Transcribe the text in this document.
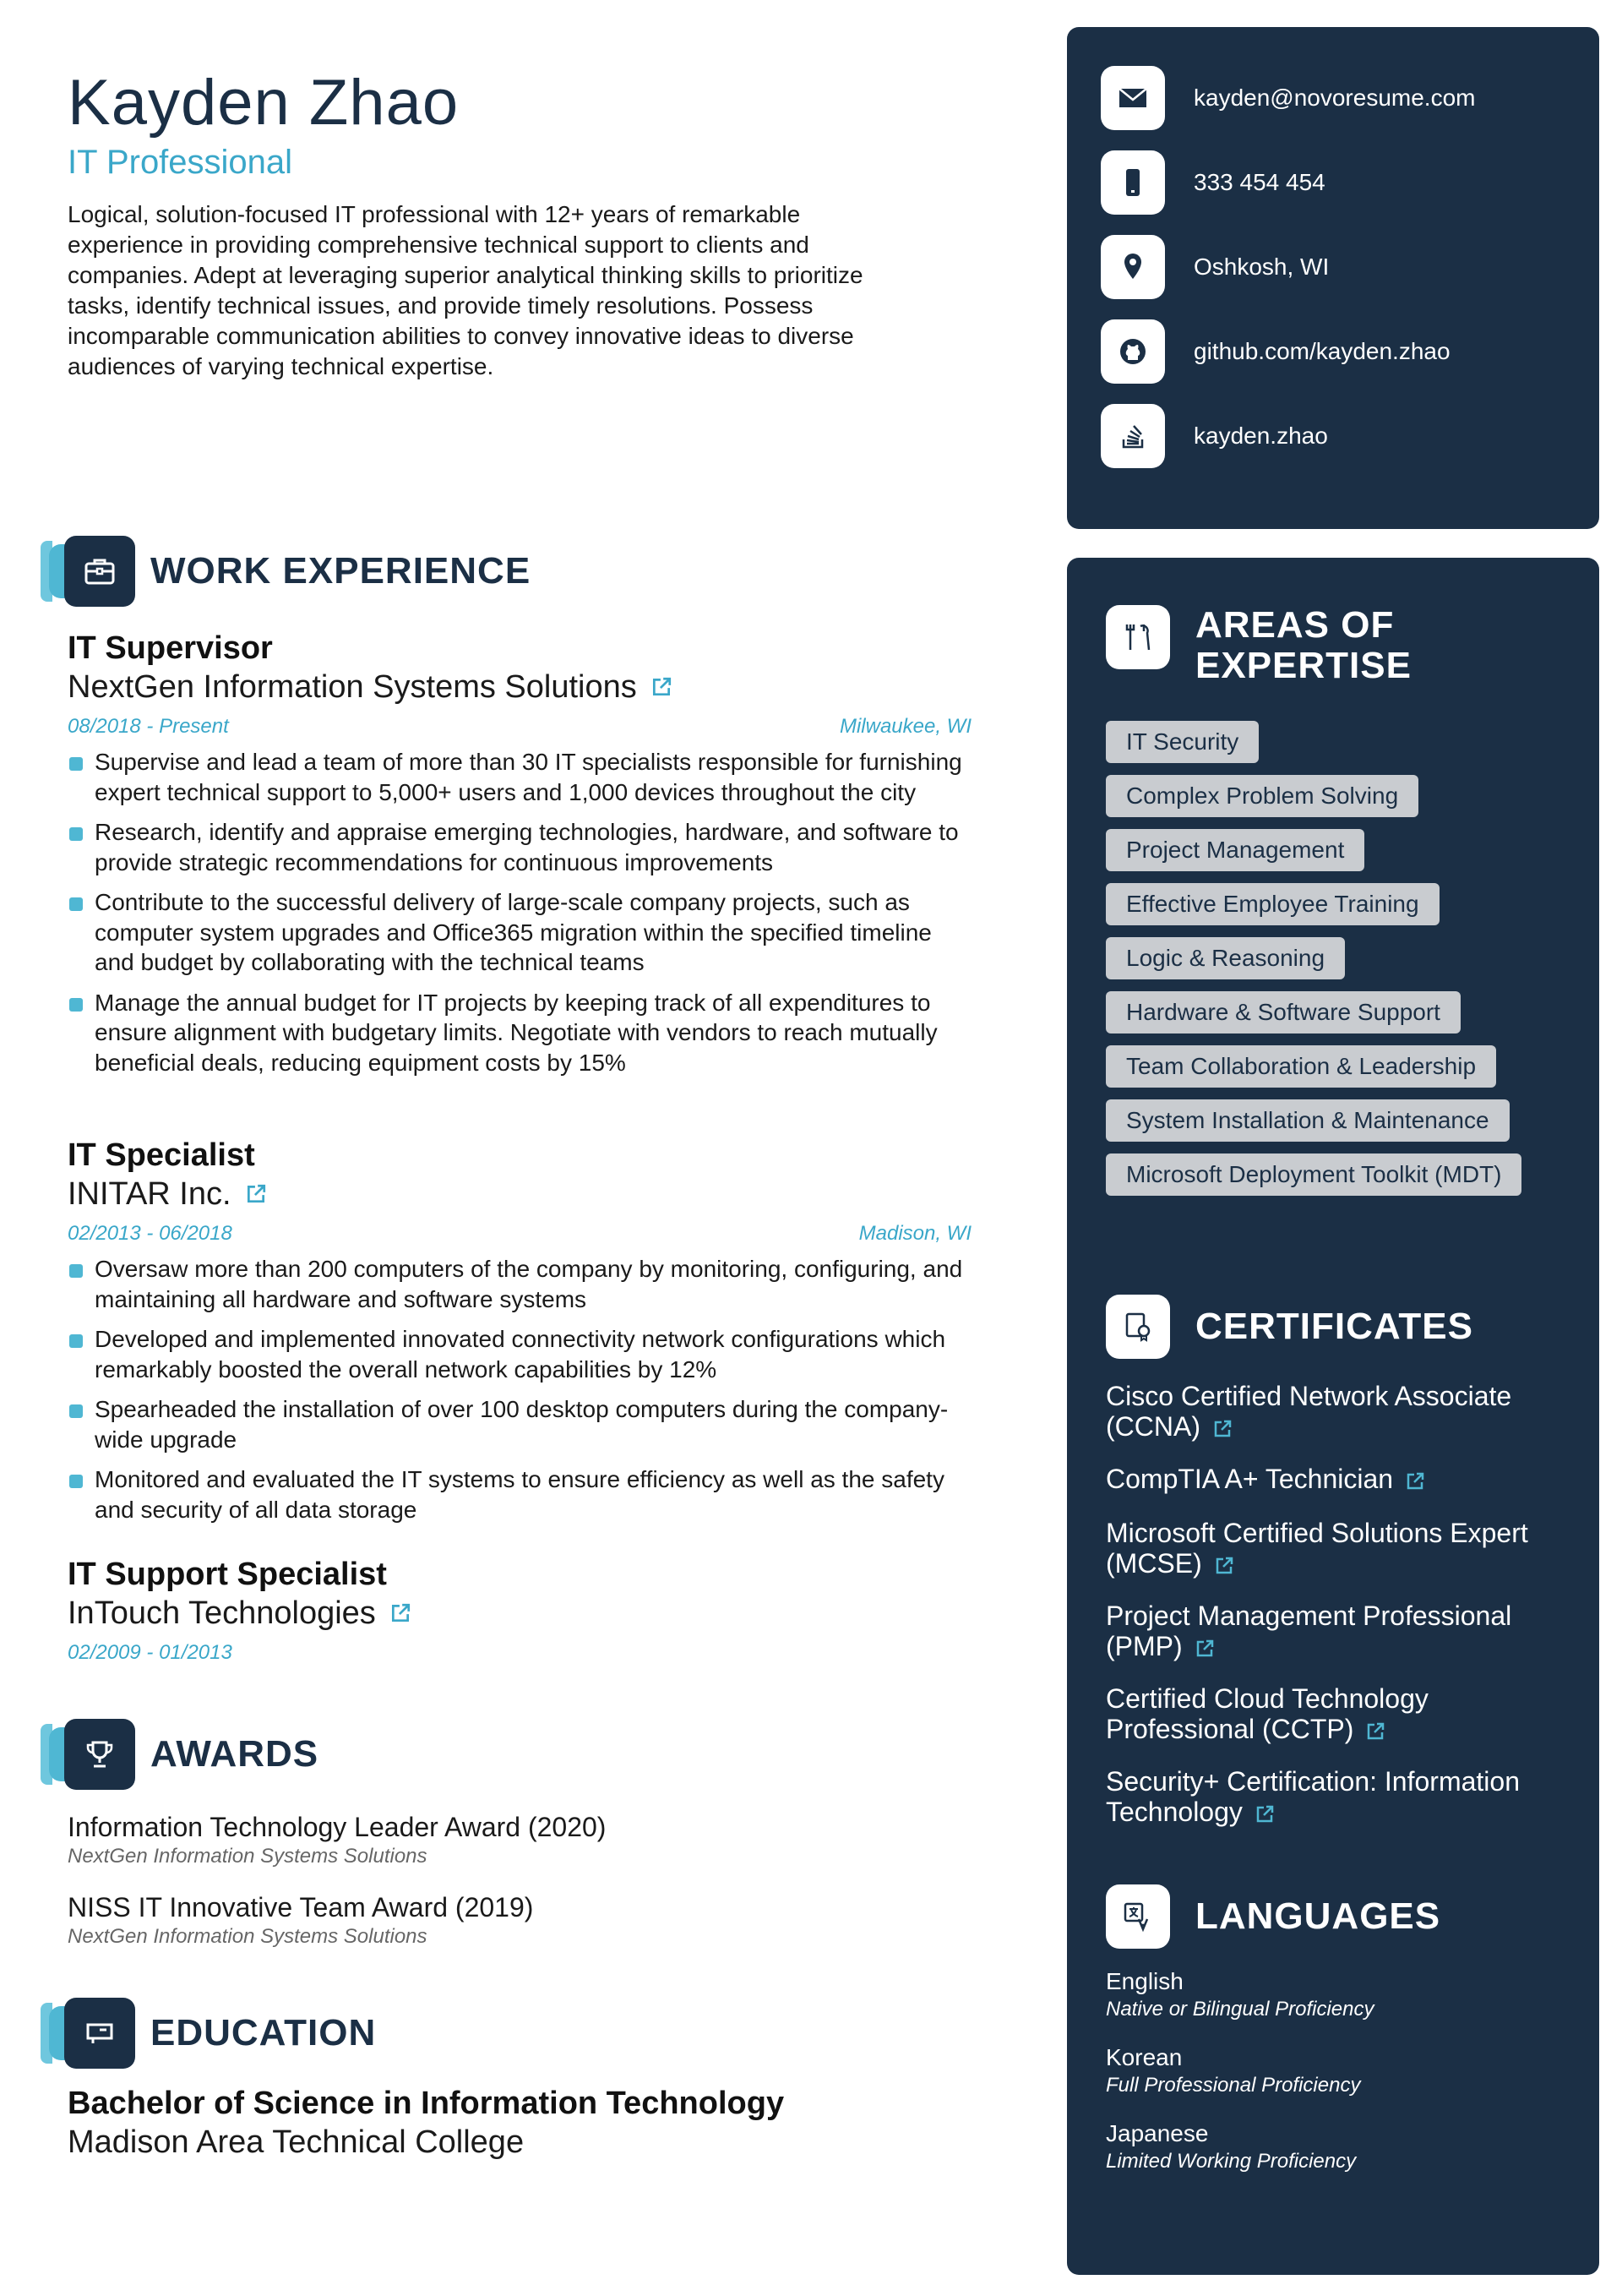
Kayden Zhao
IT Professional

Logical, solution-focused IT professional with 12+ years of remarkable experience in providing comprehensive technical support to clients and companies. Adept at leveraging superior analytical thinking skills to prioritize tasks, identify technical issues, and provide timely resolutions. Possess incomparable communication abilities to convey innovative ideas to diverse audiences of varying technical expertise.

WORK EXPERIENCE
IT Supervisor
NextGen Information Systems Solutions
08/2018 - Present	Milwaukee, WI
Supervise and lead a team of more than 30 IT specialists responsible for furnishing expert technical support to 5,000+ users and 1,000 devices throughout the city
Research, identify and appraise emerging technologies, hardware, and software to provide strategic recommendations for continuous improvements
Contribute to the successful delivery of large-scale company projects, such as computer system upgrades and Office365 migration within the specified timeline and budget by collaborating with the technical teams
Manage the annual budget for IT projects by keeping track of all expenditures to ensure alignment with budgetary limits. Negotiate with vendors to reach mutually beneficial deals, reducing equipment costs by 15%
IT Specialist
INITAR Inc.
02/2013 - 06/2018	Madison, WI
Oversaw more than 200 computers of the company by monitoring, configuring, and maintaining all hardware and software systems
Developed and implemented innovated connectivity network configurations which remarkably boosted the overall network capabilities by 12%
Spearheaded the installation of over 100 desktop computers during the company-wide upgrade
Monitored and evaluated the IT systems to ensure efficiency as well as the safety and security of all data storage
IT Support Specialist
InTouch Technologies
02/2009 - 01/2013
AWARDS
Information Technology Leader Award (2020)
NextGen Information Systems Solutions
NISS IT Innovative Team Award (2019)
NextGen Information Systems Solutions
EDUCATION
Bachelor of Science in Information Technology
Madison Area Technical College
kayden@novoresume.com
333 454 454
Oshkosh, WI
github.com/kayden.zhao
kayden.zhao
AREAS OF
EXPERTISE
IT Security
Complex Problem Solving
Project Management
Effective Employee Training
Logic & Reasoning
Hardware & Software Support
Team Collaboration & Leadership
System Installation & Maintenance
Microsoft Deployment Toolkit (MDT)
CERTIFICATES
Cisco Certified Network Associate (CCNA)
CompTIA A+ Technician
Microsoft Certified Solutions Expert (MCSE)
Project Management Professional (PMP)
Certified Cloud Technology Professional (CCTP)
Security+ Certification: Information Technology
LANGUAGES
English
Native or Bilingual Proficiency
Korean
Full Professional Proficiency
Japanese
Limited Working Proficiency
